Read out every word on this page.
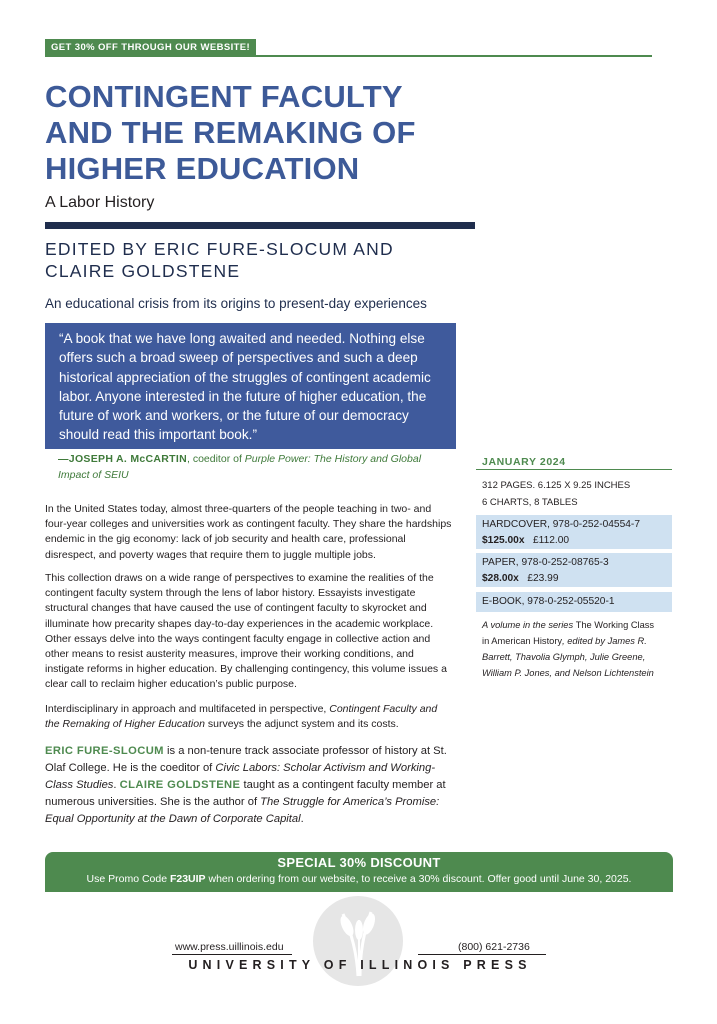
GET 30% OFF THROUGH OUR WEBSITE!
CONTINGENT FACULTY
AND THE REMAKING OF
HIGHER EDUCATION
A Labor History
EDITED BY ERIC FURE-SLOCUM AND
CLAIRE GOLDSTENE
An educational crisis from its origins to present-day experiences
“A book that we have long awaited and needed. Nothing else offers such a broad sweep of perspectives and such a deep historical appreciation of the struggles of contingent academic labor. Anyone interested in the future of higher education, the future of work and workers, or the future of our democracy should read this important book.”
—JOSEPH A. McCARTIN, coeditor of Purple Power: The History and Global Impact of SEIU
In the United States today, almost three-quarters of the people teaching in two- and four-year colleges and universities work as contingent faculty. They share the hardships endemic in the gig economy: lack of job security and health care, professional disrespect, and poverty wages that require them to juggle multiple jobs.
This collection draws on a wide range of perspectives to examine the realities of the contingent faculty system through the lens of labor history. Essayists investigate structural changes that have caused the use of contingent faculty to skyrocket and illuminate how precarity shapes day-to-day experiences in the academic workplace. Other essays delve into the ways contingent faculty engage in collective action and other means to resist austerity measures, improve their working conditions, and instigate reforms in higher education. By challenging contingency, this volume issues a clear call to reclaim higher education’s public purpose.
Interdisciplinary in approach and multifaceted in perspective, Contingent Faculty and the Remaking of Higher Education surveys the adjunct system and its costs.
ERIC FURE-SLOCUM is a non-tenure track associate professor of history at St. Olaf College. He is the coeditor of Civic Labors: Scholar Activism and Working-Class Studies. CLAIRE GOLDSTENE taught as a contingent faculty member at numerous universities. She is the author of The Struggle for America’s Promise: Equal Opportunity at the Dawn of Corporate Capital.
JANUARY 2024
312 PAGES. 6.125 X 9.25 INCHES
6 CHARTS, 8 TABLES
HARDCOVER, 978-0-252-04554-7
$125.00x £112.00
PAPER, 978-0-252-08765-3
$28.00x £23.99
E-BOOK, 978-0-252-05520-1
A volume in the series The Working Class in American History, edited by James R. Barrett, Thavolia Glymph, Julie Greene, William P. Jones, and Nelson Lichtenstein
SPECIAL 30% DISCOUNT
Use Promo Code F23UIP when ordering from our website, to receive a 30% discount. Offer good until June 30, 2025.
www.press.uillinois.edu	(800) 621-2736
UNIVERSITY OF ILLINOIS PRESS
